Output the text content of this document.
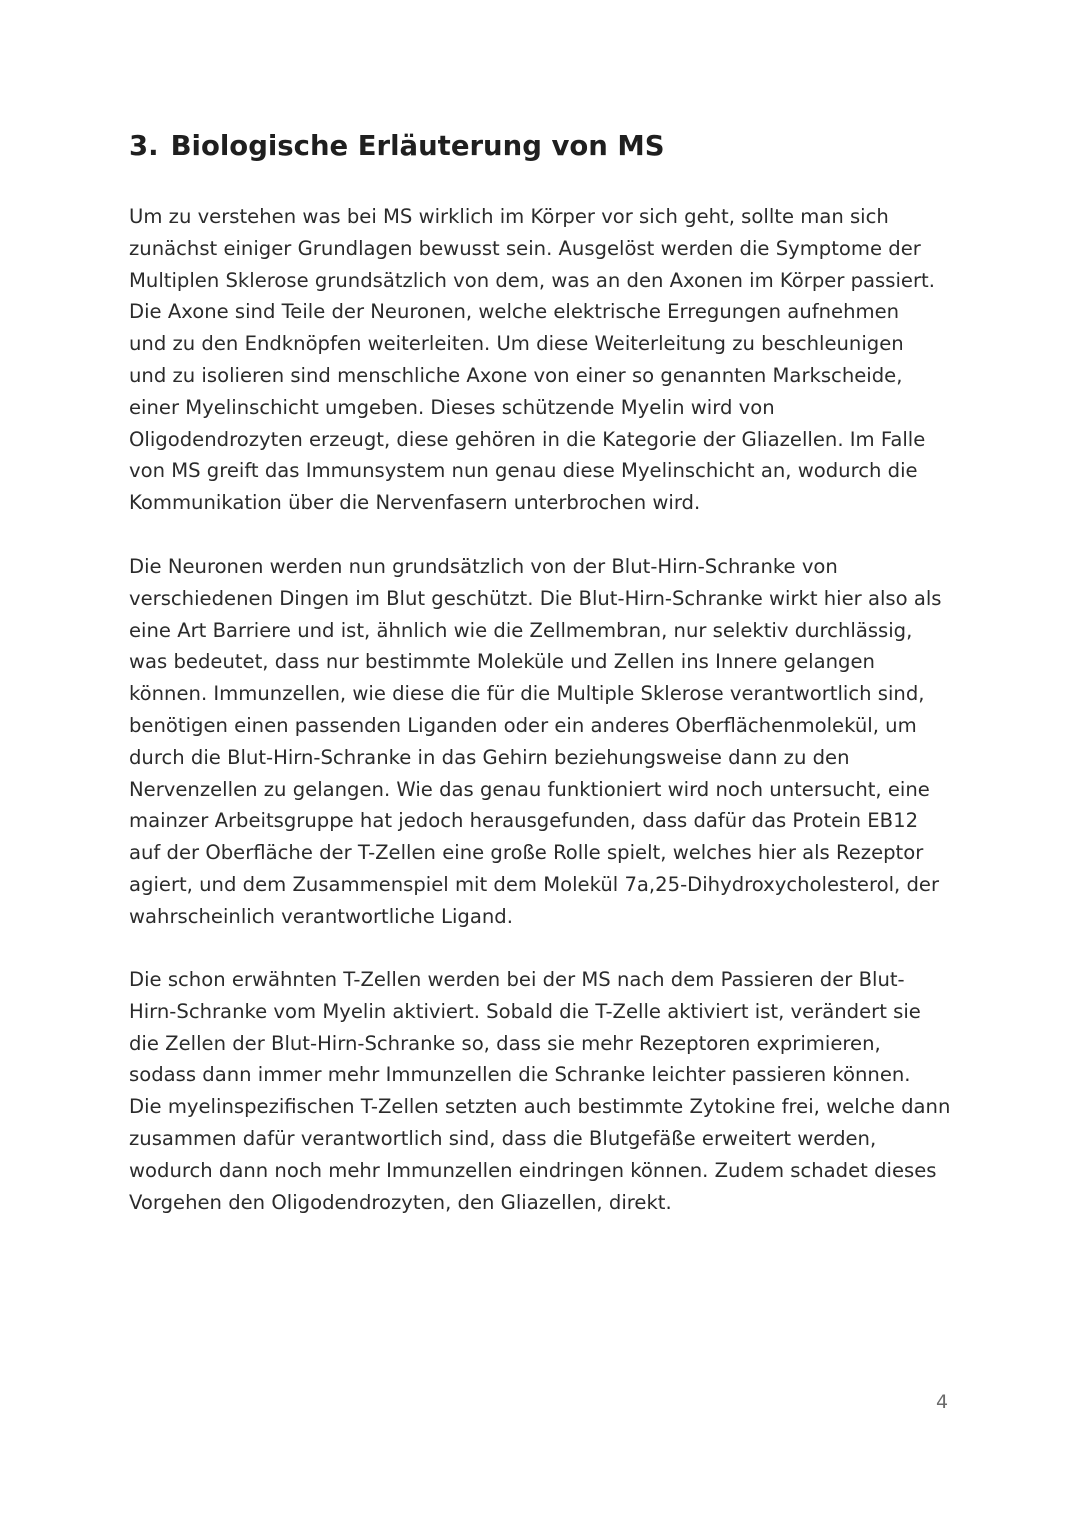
3. Biologische Erläuterung von MS

Um zu verstehen was bei MS wirklich im Körper vor sich geht, sollte man sich
zunächst einiger Grundlagen bewusst sein. Ausgelöst werden die Symptome der
Multiplen Sklerose grundsätzlich von dem, was an den Axonen im Körper passiert.
Die Axone sind Teile der Neuronen, welche elektrische Erregungen aufnehmen
und zu den Endknöpfen weiterleiten. Um diese Weiterleitung zu beschleunigen
und zu isolieren sind menschliche Axone von einer so genannten Markscheide,
einer Myelinschicht umgeben. Dieses schützende Myelin wird von
Oligodendrozyten erzeugt, diese gehören in die Kategorie der Gliazellen. Im Falle
von MS greift das Immunsystem nun genau diese Myelinschicht an, wodurch die
Kommunikation über die Nervenfasern unterbrochen wird.

Die Neuronen werden nun grundsätzlich von der Blut-Hirn-Schranke von
verschiedenen Dingen im Blut geschützt. Die Blut-Hirn-Schranke wirkt hier also als
eine Art Barriere und ist, ähnlich wie die Zellmembran, nur selektiv durchlässig,
was bedeutet, dass nur bestimmte Moleküle und Zellen ins Innere gelangen
können. Immunzellen, wie diese die für die Multiple Sklerose verantwortlich sind,
benötigen einen passenden Liganden oder ein anderes Oberflächenmolekül, um
durch die Blut-Hirn-Schranke in das Gehirn beziehungsweise dann zu den
Nervenzellen zu gelangen. Wie das genau funktioniert wird noch untersucht, eine
mainzer Arbeitsgruppe hat jedoch herausgefunden, dass dafür das Protein EB12
auf der Oberfläche der T-Zellen eine große Rolle spielt, welches hier als Rezeptor
agiert, und dem Zusammenspiel mit dem Molekül 7a,25-Dihydroxycholesterol, der
wahrscheinlich verantwortliche Ligand.

Die schon erwähnten T-Zellen werden bei der MS nach dem Passieren der Blut-
Hirn-Schranke vom Myelin aktiviert. Sobald die T-Zelle aktiviert ist, verändert sie
die Zellen der Blut-Hirn-Schranke so, dass sie mehr Rezeptoren exprimieren,
sodass dann immer mehr Immunzellen die Schranke leichter passieren können.
Die myelinspezifischen T-Zellen setzten auch bestimmte Zytokine frei, welche dann
zusammen dafür verantwortlich sind, dass die Blutgefäße erweitert werden,
wodurch dann noch mehr Immunzellen eindringen können. Zudem schadet dieses
Vorgehen den Oligodendrozyten, den Gliazellen, direkt.

4
